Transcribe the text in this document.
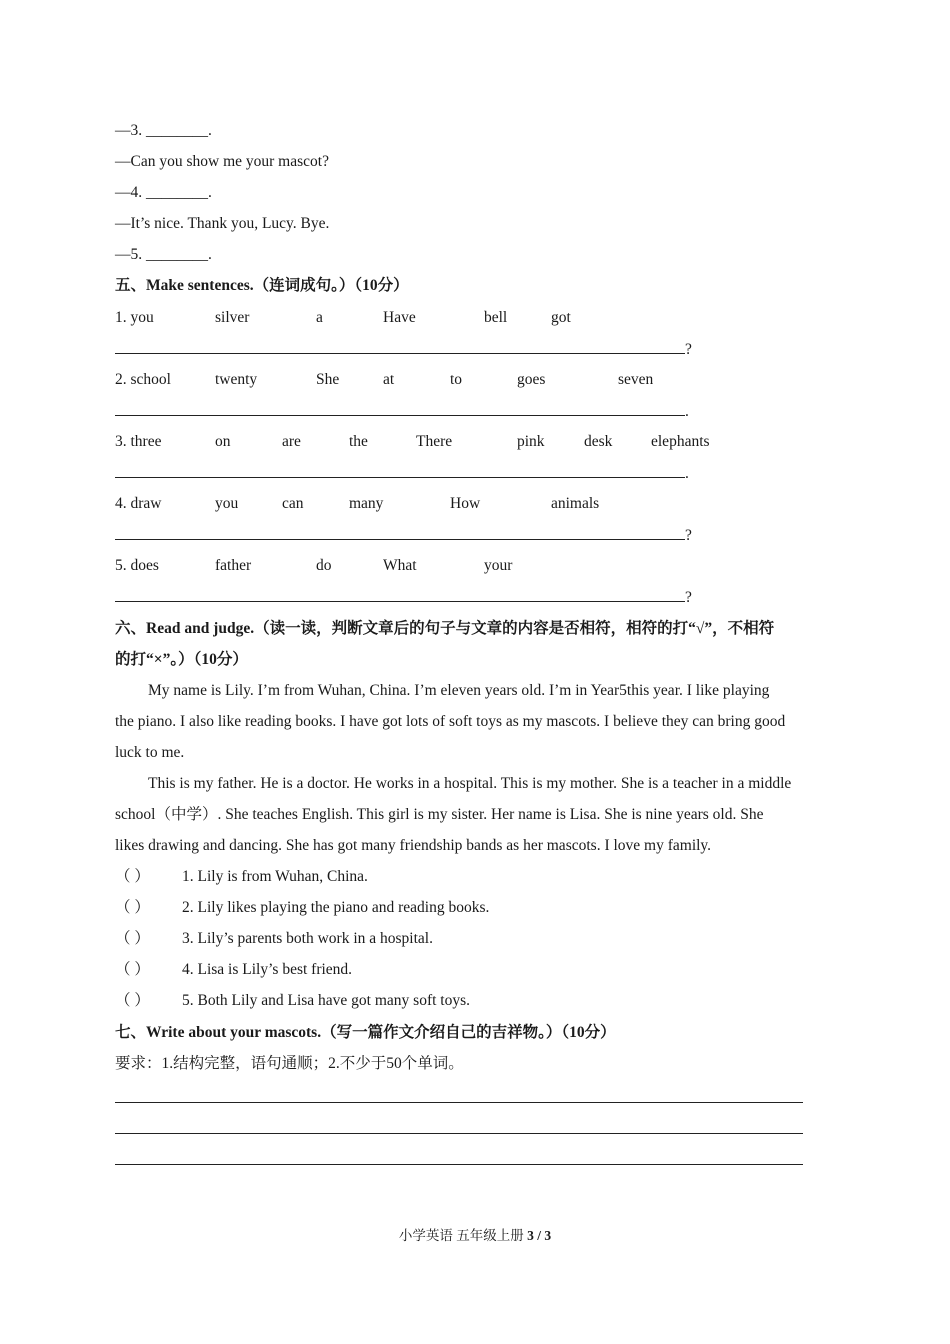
—3. ________.
—Can you show me your mascot?
—4. ________.
—It’s nice. Thank you, Lucy. Bye.
—5. ________.
五、Make sentences.（连词成句。）（10分）
1. you	silver	a	Have	bell	got
?
2. school	twenty	She	at	to	goes	seven
.
3. three	on	are	the	There	pink	desk elephants
.
4. draw	you	can	many	How	animals
?
5. does	father	do	What	your
?
六、Read and judge.（读一读，判断文章后的句子与文章的内容是否相符，相符的打“√”，不相符
的打“×”。）（10分）
My name is Lily. I’m from Wuhan, China. I’m eleven years old. I’m in Year5this year. I like playing
the piano. I also like reading books. I have got lots of soft toys as my mascots. I believe they can bring good
luck to me.
This is my father. He is a doctor. He works in a hospital. This is my mother. She is a teacher in a middle
school（中学）. She teaches English. This girl is my sister. Her name is Lisa. She is nine years old. She
likes drawing and dancing. She has got many friendship bands as her mascots. I love my family.
（ ） 1. Lily is from Wuhan, China.
（ ） 2. Lily likes playing the piano and reading books.
（ ） 3. Lily’s parents both work in a hospital.
（ ） 4. Lisa is Lily’s best friend.
（ ） 5. Both Lily and Lisa have got many soft toys.
七、Write about your mascots.（写一篇作文介绍自己的吉祥物。）（10分）
要求：1.结构完整，语句通顺；2.不少于50个单词。
小学英语 五年级上册 3 / 3
